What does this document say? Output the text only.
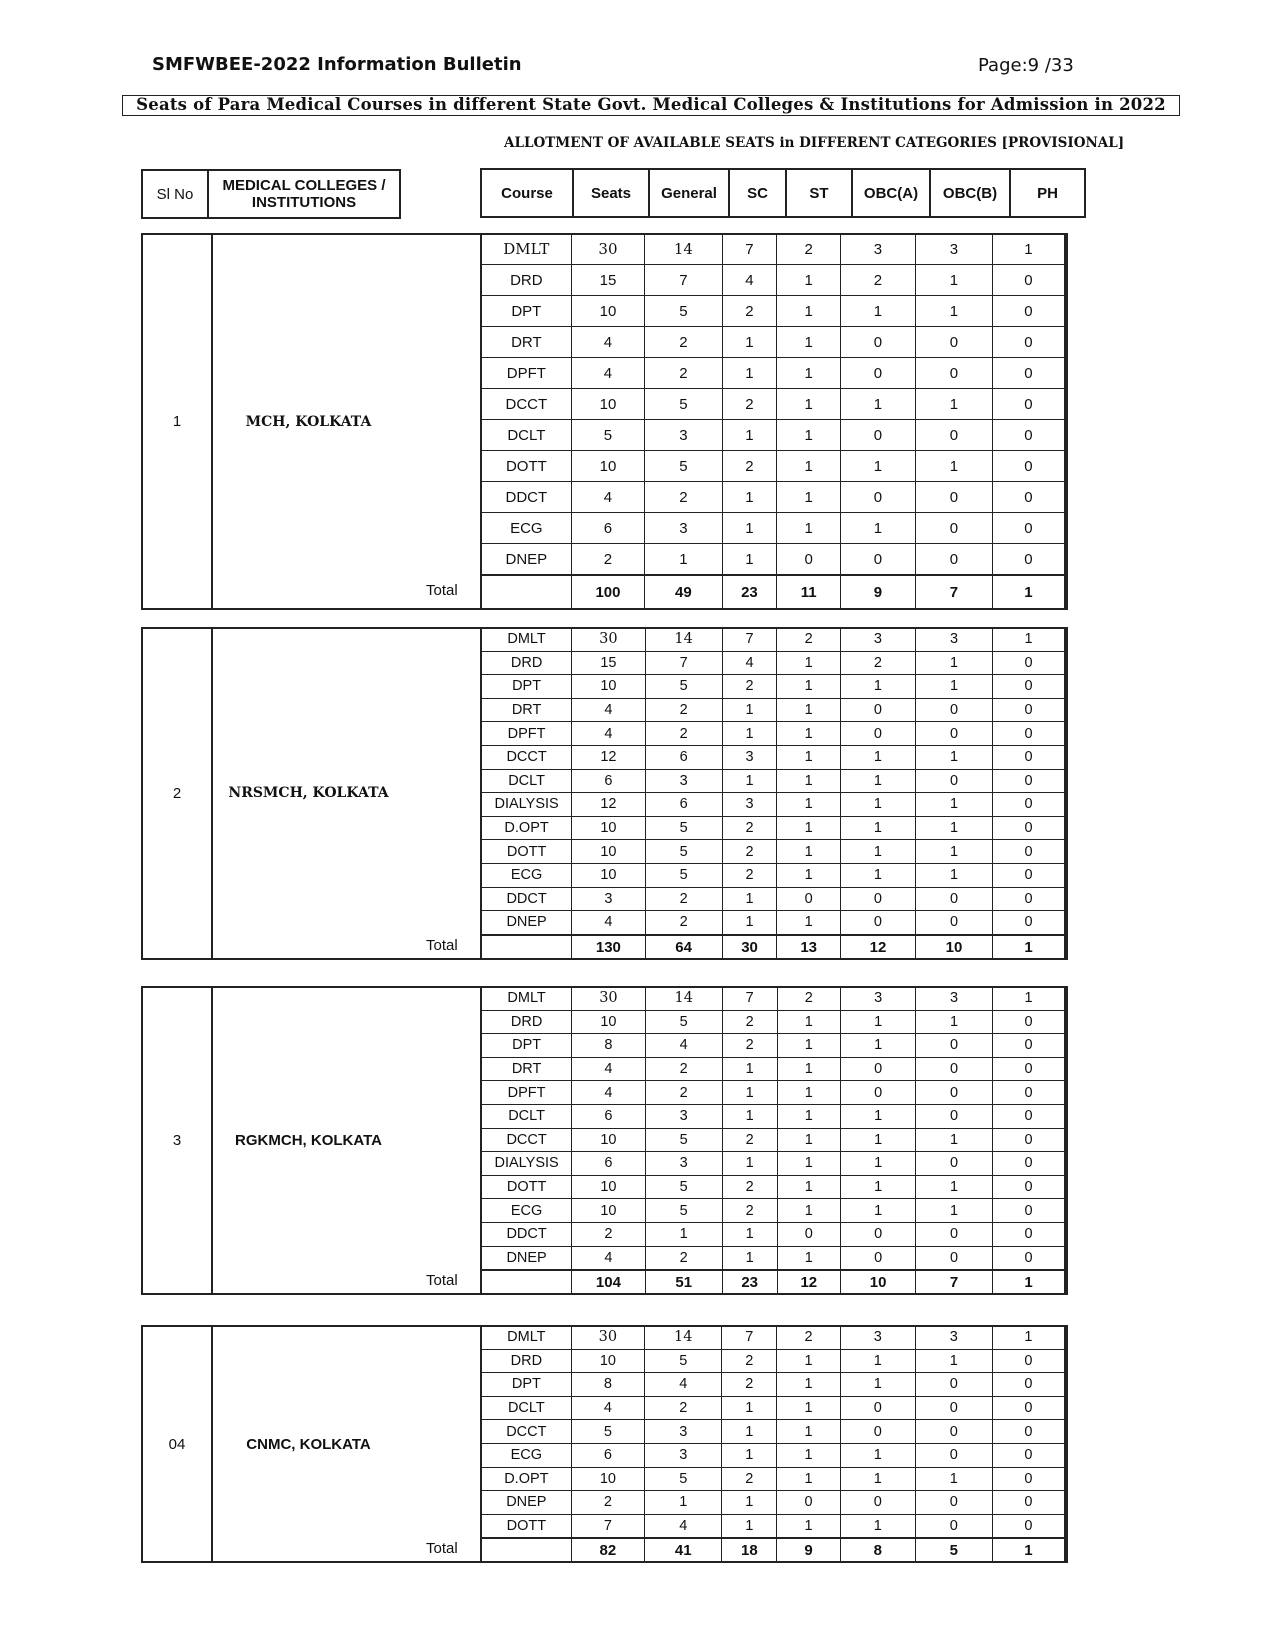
SMFWBEE-2022 Information Bulletin	Page:9 /33
Seats of Para Medical Courses in different State Govt. Medical Colleges & Institutions for Admission in 2022
ALLOTMENT OF AVAILABLE SEATS in DIFFERENT CATEGORIES [PROVISIONAL]
Sl No	MEDICAL COLLEGES / INSTITUTIONS
Course	Seats	General	SC	ST	OBC(A)	OBC(B)	PH
1	MCH, KOLKATA
Total
DMLT	30	14	7	2	3	3	1
DRD	15	7	4	1	2	1	0
DPT	10	5	2	1	1	1	0
DRT	4	2	1	1	0	0	0
DPFT	4	2	1	1	0	0	0
DCCT	10	5	2	1	1	1	0
DCLT	5	3	1	1	0	0	0
DOTT	10	5	2	1	1	1	0
DDCT	4	2	1	1	0	0	0
ECG	6	3	1	1	1	0	0
DNEP	2	1	1	0	0	0	0
	100	49	23	11	9	7	1
2	NRSMCH, KOLKATA
Total
DMLT	30	14	7	2	3	3	1
DRD	15	7	4	1	2	1	0
DPT	10	5	2	1	1	1	0
DRT	4	2	1	1	0	0	0
DPFT	4	2	1	1	0	0	0
DCCT	12	6	3	1	1	1	0
DCLT	6	3	1	1	1	0	0
DIALYSIS	12	6	3	1	1	1	0
D.OPT	10	5	2	1	1	1	0
DOTT	10	5	2	1	1	1	0
ECG	10	5	2	1	1	1	0
DDCT	3	2	1	0	0	0	0
DNEP	4	2	1	1	0	0	0
	130	64	30	13	12	10	1
3	RGKMCH, KOLKATA
Total
DMLT	30	14	7	2	3	3	1
DRD	10	5	2	1	1	1	0
DPT	8	4	2	1	1	0	0
DRT	4	2	1	1	0	0	0
DPFT	4	2	1	1	0	0	0
DCLT	6	3	1	1	1	0	0
DCCT	10	5	2	1	1	1	0
DIALYSIS	6	3	1	1	1	0	0
DOTT	10	5	2	1	1	1	0
ECG	10	5	2	1	1	1	0
DDCT	2	1	1	0	0	0	0
DNEP	4	2	1	1	0	0	0
	104	51	23	12	10	7	1
04	CNMC, KOLKATA
Total
DMLT	30	14	7	2	3	3	1
DRD	10	5	2	1	1	1	0
DPT	8	4	2	1	1	0	0
DCLT	4	2	1	1	0	0	0
DCCT	5	3	1	1	0	0	0
ECG	6	3	1	1	1	0	0
D.OPT	10	5	2	1	1	1	0
DNEP	2	1	1	0	0	0	0
DOTT	7	4	1	1	1	0	0
	82	41	18	9	8	5	1
